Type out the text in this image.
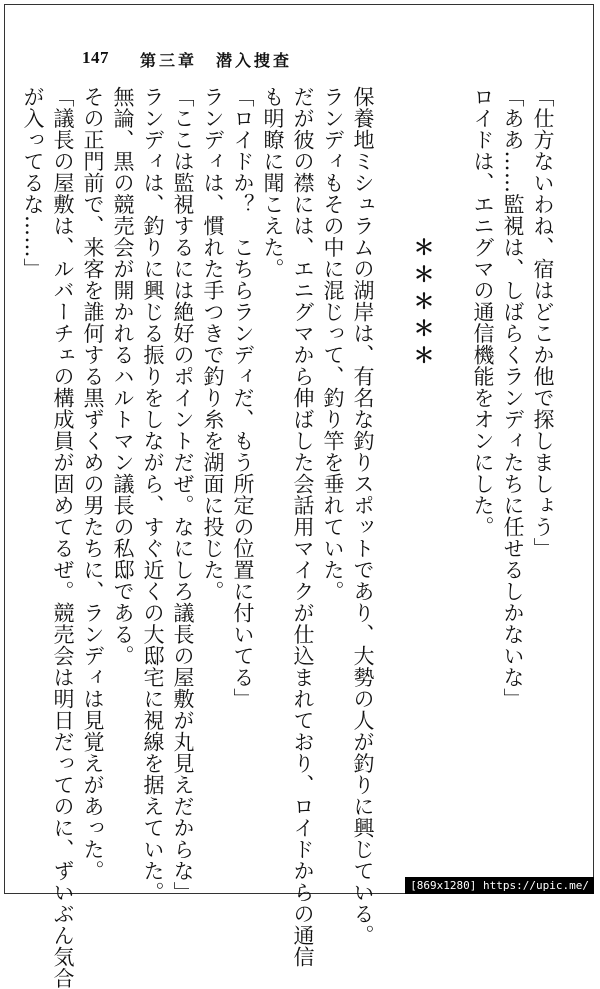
147 第三章　潜入捜査

「仕方ないわね、宿はどこか他で探しましょう」

「ああ……監視は、しばらくランディたちに任せるしかないな」

ロイドは、エニグマの通信機能をオンにした。

＊＊＊＊＊

保養地ミシュラムの湖岸は、有名な釣りスポットであり、大勢の人が釣りに興じている。

ランディもその中に混じって、釣り竿を垂れていた。

だが彼の襟には、エニグマから伸ばした会話用マイクが仕込まれており、ロイドからの通信

も明瞭に聞こえた。

「ロイドか？　こちらランディだ、もう所定の位置に付いてる」

ランディは、慣れた手つきで釣り糸を湖面に投じた。

「ここは監視するには絶好のポイントだぜ。なにしろ議長の屋敷が丸見えだからな」

ランディは、釣りに興じる振りをしながら、すぐ近くの大邸宅に視線を据えていた。

無論、黒の競売会が開かれるハルトマン議長の私邸である。

その正門前で、来客を誰何する黒ずくめの男たちに、ランディは見覚えがあった。

「議長の屋敷は、ルバーチェの構成員が固めてるぜ。競売会は明日だってのに、ずいぶん気合

が入ってるな……」

[869x1280] https://upic.me/
